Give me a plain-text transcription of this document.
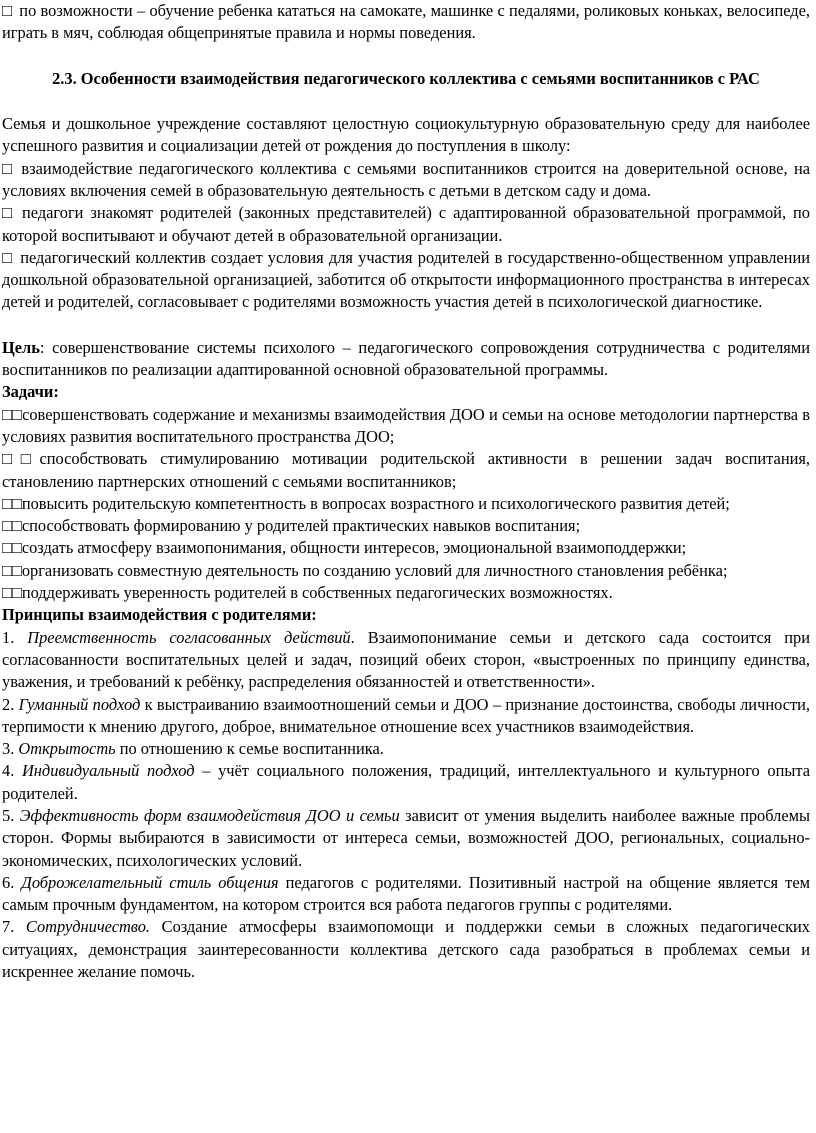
□ по возможности – обучение ребенка кататься на самокате, машинке с педалями, роликовых коньках, велосипеде, играть в мяч, соблюдая общепринятые правила и нормы поведения.

2.3. Особенности взаимодействия педагогического коллектива с семьями воспитанников с РАС

Семья и дошкольное учреждение составляют целостную социокультурную образовательную среду для наиболее успешного развития и социализации детей от рождения до поступления в школу:

□ взаимодействие педагогического коллектива с семьями воспитанников строится на доверительной основе, на условиях включения семей в образовательную деятельность с детьми в детском саду и дома.

□ педагоги знакомят родителей (законных представителей) с адаптированной образовательной программой, по которой воспитывают и обучают детей в образовательной организации.

□ педагогический коллектив создает условия для участия родителей в государственно-общественном управлении дошкольной образовательной организацией, заботится об открытости информационного пространства в интересах детей и родителей, согласовывает с родителями возможность участия детей в психологической диагностике.

Цель: совершенствование системы психолого – педагогического сопровождения сотрудничества с родителями воспитанников по реализации адаптированной основной образовательной программы.

Задачи:

□□совершенствовать содержание и механизмы взаимодействия ДОО и семьи на основе методологии партнерства в условиях развития воспитательного пространства ДОО;

□□способствовать стимулированию мотивации родительской активности в решении задач воспитания, становлению партнерских отношений с семьями воспитанников;

□□повысить родительскую компетентность в вопросах возрастного и психологического развития детей;

□□способствовать формированию у родителей практических навыков воспитания;

□□создать атмосферу взаимопонимания, общности интересов, эмоциональной взаимоподдержки;

□□организовать совместную деятельность по созданию условий для личностного становления ребёнка;

□□поддерживать уверенность родителей в собственных педагогических возможностях.

Принципы взаимодействия с родителями:

1. Преемственность согласованных действий. Взаимопонимание семьи и детского сада состоится при согласованности воспитательных целей и задач, позиций обеих сторон, «выстроенных по принципу единства, уважения, и требований к ребёнку, распределения обязанностей и ответственности».

2. Гуманный подход к выстраиванию взаимоотношений семьи и ДОО – признание достоинства, свободы личности, терпимости к мнению другого, доброе, внимательное отношение всех участников взаимодействия.

3. Открытость по отношению к семье воспитанника.

4. Индивидуальный подход – учёт социального положения, традиций, интеллектуального и культурного опыта родителей.

5. Эффективность форм взаимодействия ДОО и семьи зависит от умения выделить наиболее важные проблемы сторон. Формы выбираются в зависимости от интереса семьи, возможностей ДОО, региональных, социально-экономических, психологических условий.

6. Доброжелательный стиль общения педагогов с родителями. Позитивный настрой на общение является тем самым прочным фундаментом, на котором строится вся работа педагогов группы с родителями.

7. Сотрудничество. Создание атмосферы взаимопомощи и поддержки семьи в сложных педагогических ситуациях, демонстрация заинтересованности коллектива детского сада разобраться в проблемах семьи и искреннее желание помочь.
